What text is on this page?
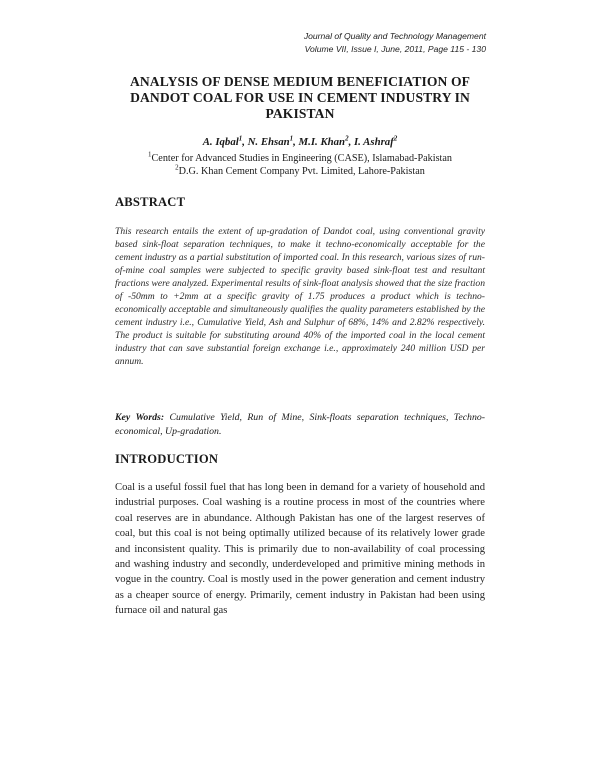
Journal of Quality and Technology Management
Volume VII, Issue I, June, 2011, Page 115 - 130
ANALYSIS OF DENSE MEDIUM BENEFICIATION OF DANDOT COAL FOR USE IN CEMENT INDUSTRY IN PAKISTAN
A. Iqbal$^1$, N. Ehsan$^1$, M.I. Khan$^2$, I. Ashraf$^2$
$^1$Center for Advanced Studies in Engineering (CASE), Islamabad-Pakistan
$^2$D.G. Khan Cement Company Pvt. Limited, Lahore-Pakistan
ABSTRACT
This research entails the extent of up-gradation of Dandot coal, using conventional gravity based sink-float separation techniques, to make it techno-economically acceptable for the cement industry as a partial substitution of imported coal. In this research, various sizes of run-of-mine coal samples were subjected to specific gravity based sink-float test and resultant fractions were analyzed. Experimental results of sink-float analysis showed that the size fraction of -50mm to +2mm at a specific gravity of 1.75 produces a product which is techno-economically acceptable and simultaneously qualifies the quality parameters established by the cement industry i.e., Cumulative Yield, Ash and Sulphur of 68%, 14% and 2.82% respectively. The product is suitable for substituting around 40% of the imported coal in the local cement industry that can save substantial foreign exchange i.e., approximately 240 million USD per annum.
Key Words: Cumulative Yield, Run of Mine, Sink-floats separation techniques, Techno-economical, Up-gradation.
INTRODUCTION
Coal is a useful fossil fuel that has long been in demand for a variety of household and industrial purposes. Coal washing is a routine process in most of the countries where coal reserves are in abundance. Although Pakistan has one of the largest reserves of coal, but this coal is not being optimally utilized because of its relatively lower grade and inconsistent quality. This is primarily due to non-availability of coal processing and washing industry and secondly, underdeveloped and primitive mining methods in vogue in the country. Coal is mostly used in the power generation and cement industry as a cheaper source of energy. Primarily, cement industry in Pakistan had been using furnace oil and natural gas
